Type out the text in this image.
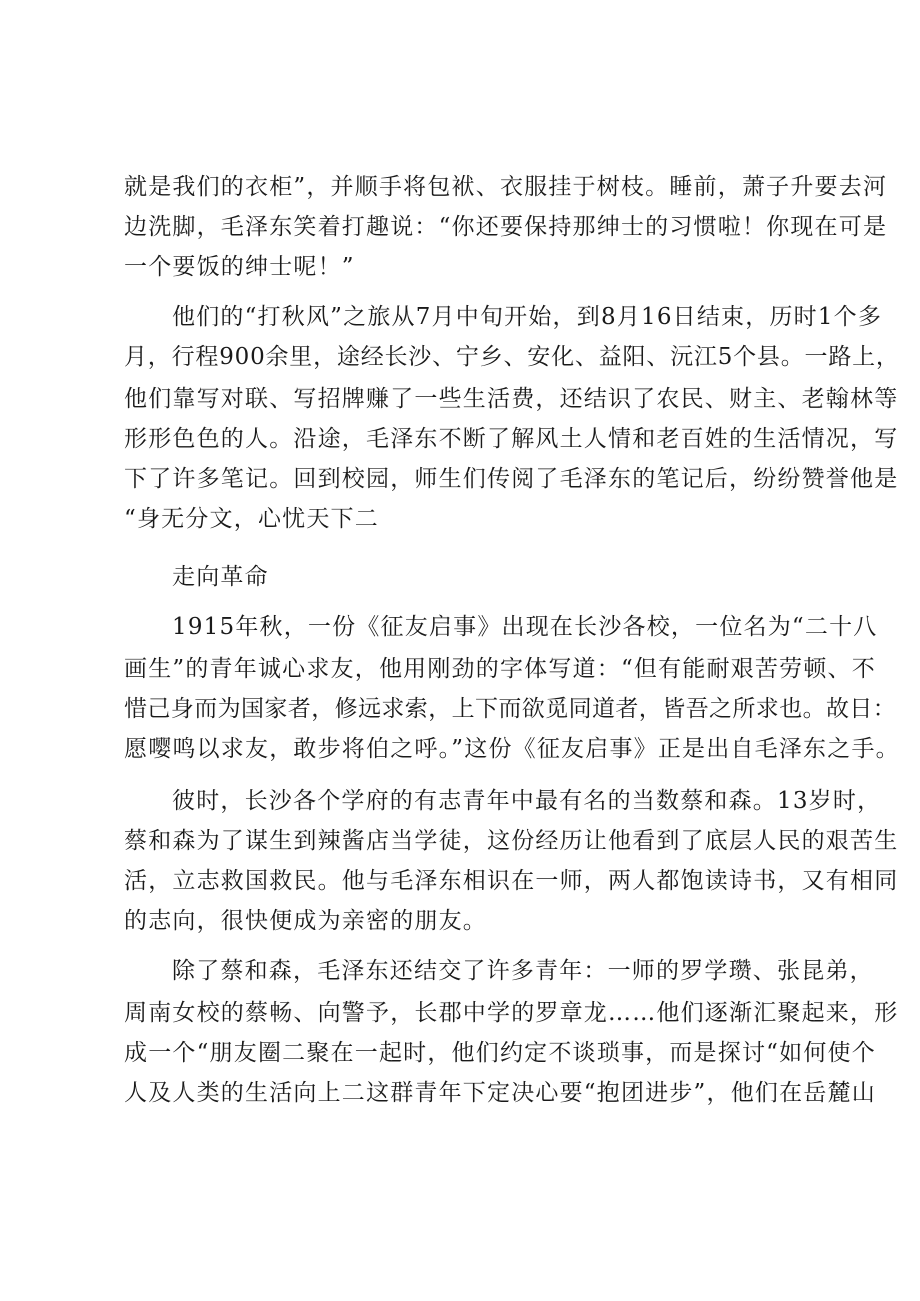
就是我们的衣柜”，并顺手将包袱、衣服挂于树枝。睡前，萧子升要去河

边洗脚，毛泽东笑着打趣说：“你还要保持那绅士的习惯啦！你现在可是

一个要饭的绅士呢！”

他们的“打秋风”之旅从7月中旬开始，到8月16日结束，历时1个多

月，行程900余里，途经长沙、宁乡、安化、益阳、沅江5个县。一路上，

他们靠写对联、写招牌赚了一些生活费，还结识了农民、财主、老翰林等

形形色色的人。沿途，毛泽东不断了解风土人情和老百姓的生活情况，写

下了许多笔记。回到校园，师生们传阅了毛泽东的笔记后，纷纷赞誉他是

“身无分文，心忧天下二

走向革命

1915年秋，一份《征友启事》出现在长沙各校，一位名为“二十八

画生”的青年诚心求友，他用刚劲的字体写道：“但有能耐艰苦劳顿、不

惜己身而为国家者，修远求索，上下而欲觅同道者，皆吾之所求也。故日：

愿嘤鸣以求友，敢步将伯之呼。”这份《征友启事》正是出自毛泽东之手。

彼时，长沙各个学府的有志青年中最有名的当数蔡和森。13岁时，

蔡和森为了谋生到辣酱店当学徒，这份经历让他看到了底层人民的艰苦生

活，立志救国救民。他与毛泽东相识在一师，两人都饱读诗书，又有相同

的志向，很快便成为亲密的朋友。

除了蔡和森，毛泽东还结交了许多青年：一师的罗学瓒、张昆弟，

周南女校的蔡畅、向警予，长郡中学的罗章龙……他们逐渐汇聚起来，形

成一个“朋友圈二聚在一起时，他们约定不谈琐事，而是探讨“如何使个

人及人类的生活向上二这群青年下定决心要“抱团进步”，他们在岳麓山
